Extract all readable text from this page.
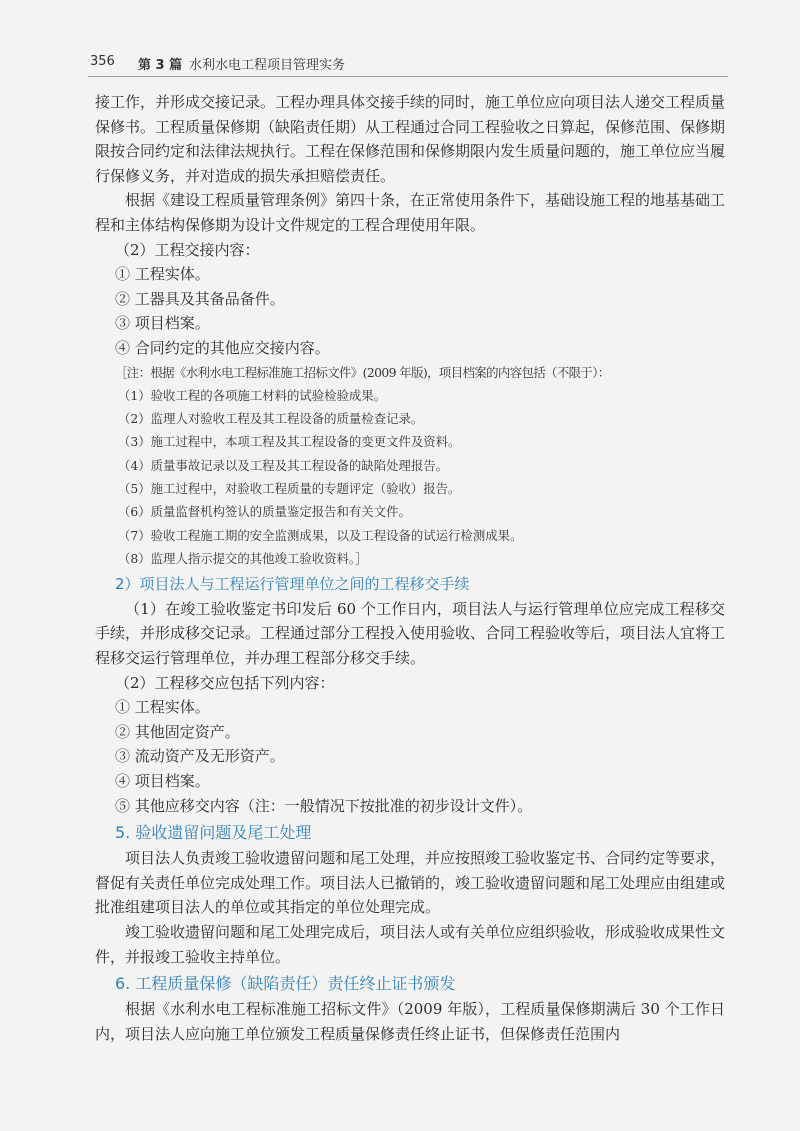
356 第 3 篇 水利水电工程项目管理实务

接工作，并形成交接记录。工程办理具体交接手续的同时，施工单位应向项目法人递交工程质量保修书。工程质量保修期（缺陷责任期）从工程通过合同工程验收之日算起，保修范围、保修期限按合同约定和法律法规执行。工程在保修范围和保修期限内发生质量问题的，施工单位应当履行保修义务，并对造成的损失承担赔偿责任。

根据《建设工程质量管理条例》第四十条，在正常使用条件下，基础设施工程的地基基础工程和主体结构保修期为设计文件规定的工程合理使用年限。

（2）工程交接内容：

① 工程实体。

② 工器具及其备品备件。

③ 项目档案。

④ 合同约定的其他应交接内容。

［注：根据《水利水电工程标准施工招标文件》(2009 年版)，项目档案的内容包括（不限于）：

（1）验收工程的各项施工材料的试验检验成果。

（2）监理人对验收工程及其工程设备的质量检查记录。

（3）施工过程中，本项工程及其工程设备的变更文件及资料。

（4）质量事故记录以及工程及其工程设备的缺陷处理报告。

（5）施工过程中，对验收工程质量的专题评定（验收）报告。

（6）质量监督机构签认的质量鉴定报告和有关文件。

（7）验收工程施工期的安全监测成果，以及工程设备的试运行检测成果。

（8）监理人指示提交的其他竣工验收资料。］

2）项目法人与工程运行管理单位之间的工程移交手续

（1）在竣工验收鉴定书印发后 60 个工作日内，项目法人与运行管理单位应完成工程移交手续，并形成移交记录。工程通过部分工程投入使用验收、合同工程验收等后，项目法人宜将工程移交运行管理单位，并办理工程部分移交手续。

（2）工程移交应包括下列内容：

① 工程实体。

② 其他固定资产。

③ 流动资产及无形资产。

④ 项目档案。

⑤ 其他应移交内容（注：一般情况下按批准的初步设计文件）。

5. 验收遗留问题及尾工处理

项目法人负责竣工验收遗留问题和尾工处理，并应按照竣工验收鉴定书、合同约定等要求，督促有关责任单位完成处理工作。项目法人已撤销的，竣工验收遗留问题和尾工处理应由组建或批准组建项目法人的单位或其指定的单位处理完成。

竣工验收遗留问题和尾工处理完成后，项目法人或有关单位应组织验收，形成验收成果性文件，并报竣工验收主持单位。

6. 工程质量保修（缺陷责任）责任终止证书颁发

根据《水利水电工程标准施工招标文件》（2009 年版），工程质量保修期满后 30 个工作日内，项目法人应向施工单位颁发工程质量保修责任终止证书，但保修责任范围内
